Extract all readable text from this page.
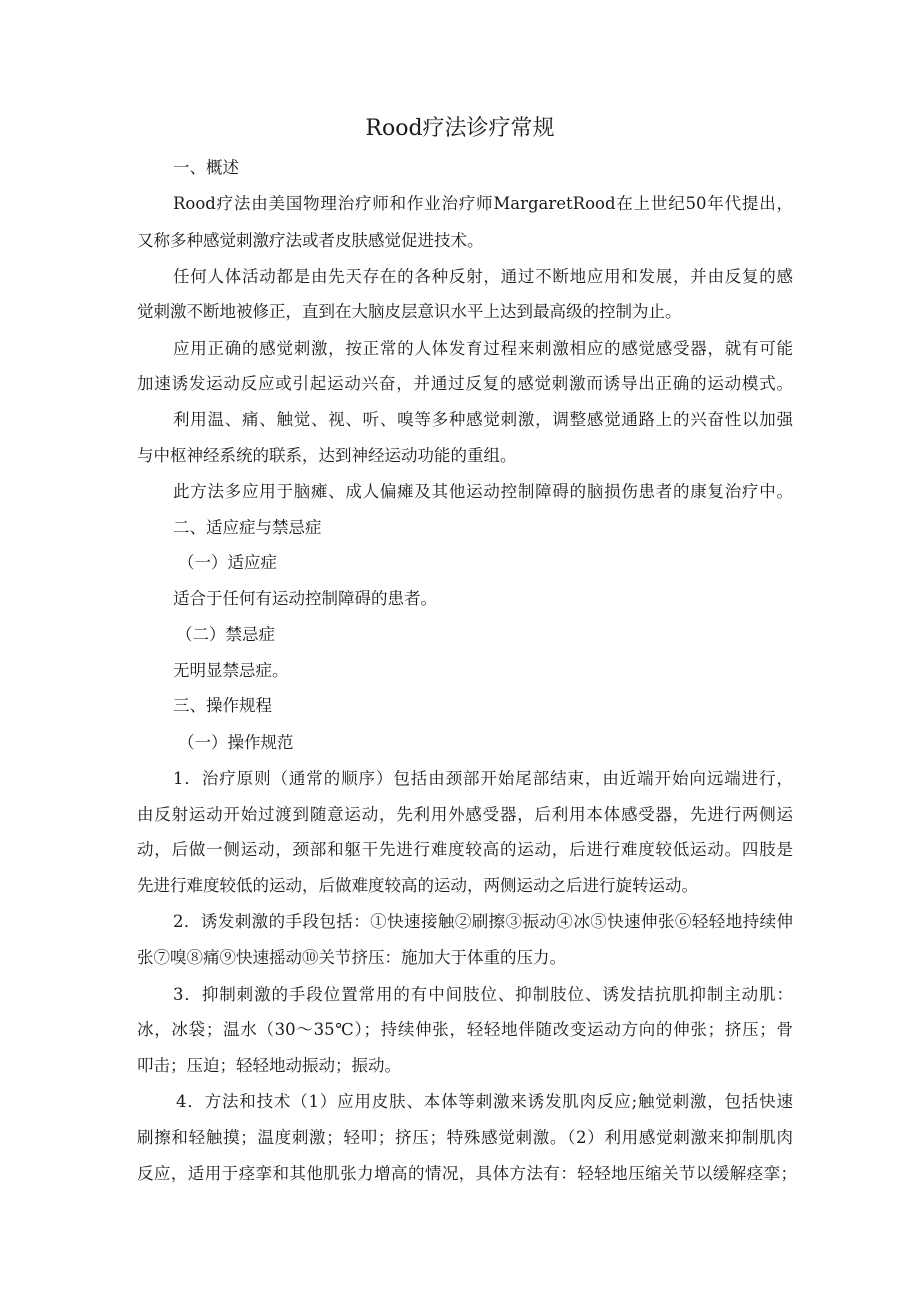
Rood疗法诊疗常规
一、概述
Rood疗法由美国物理治疗师和作业治疗师MargaretRood在上世纪50年代提出，
又称多种感觉刺激疗法或者皮肤感觉促进技术。
任何人体活动都是由先天存在的各种反射，通过不断地应用和发展，并由反复的感
觉刺激不断地被修正，直到在大脑皮层意识水平上达到最高级的控制为止。
应用正确的感觉刺激，按正常的人体发育过程来刺激相应的感觉感受器，就有可能
加速诱发运动反应或引起运动兴奋，并通过反复的感觉刺激而诱导出正确的运动模式。
利用温、痛、触觉、视、听、嗅等多种感觉刺激，调整感觉通路上的兴奋性以加强
与中枢神经系统的联系，达到神经运动功能的重组。
此方法多应用于脑瘫、成人偏瘫及其他运动控制障碍的脑损伤患者的康复治疗中。
二、适应症与禁忌症
（一）适应症
适合于任何有运动控制障碍的患者。
（二）禁忌症
无明显禁忌症。
三、操作规程
（一）操作规范
1．治疗原则（通常的顺序）包括由颈部开始尾部结束，由近端开始向远端进行，
由反射运动开始过渡到随意运动，先利用外感受器，后利用本体感受器，先进行两侧运
动，后做一侧运动，颈部和躯干先进行难度较高的运动，后进行难度较低运动。四肢是
先进行难度较低的运动，后做难度较高的运动，两侧运动之后进行旋转运动。
2．诱发刺激的手段包括：①快速接触②刷擦③振动④冰⑤快速伸张⑥轻轻地持续伸
张⑦嗅⑧痛⑨快速摇动⑩关节挤压：施加大于体重的压力。
3．抑制刺激的手段位置常用的有中间肢位、抑制肢位、诱发拮抗肌抑制主动肌：
冰，冰袋；温水（30～35℃）；持续伸张，轻轻地伴随改变运动方向的伸张；挤压；骨
叩击；压迫；轻轻地动振动；振动。
4．方法和技术（1）应用皮肤、本体等刺激来诱发肌肉反应;触觉刺激，包括快速
刷擦和轻触摸；温度刺激；轻叩；挤压；特殊感觉刺激。（2）利用感觉刺激来抑制肌肉
反应，适用于痉挛和其他肌张力增高的情况，具体方法有：轻轻地压缩关节以缓解痉挛；
